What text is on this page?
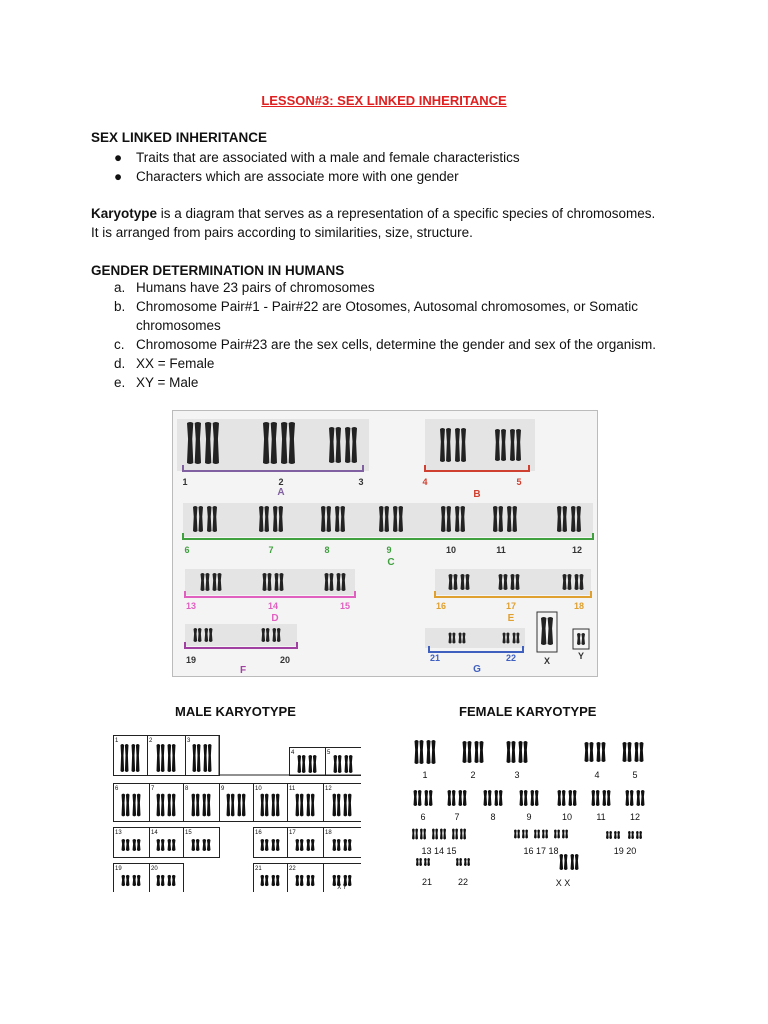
LESSON#3: SEX LINKED INHERITANCE
SEX LINKED INHERITANCE
● Traits that are associated with a male and female characteristics
● Characters which are associate more with one gender
Karyotype is a diagram that serves as a representation of a specific species of chromosomes.
It is arranged from pairs according to similarities, size, structure.
GENDER DETERMINATION IN HUMANS
a. Humans have 23 pairs of chromosomes
b. Chromosome Pair#1 - Pair#22 are Otosomes, Autosomal chromosomes, or Somatic
chromosomes
c. Chromosome Pair#23 are the sex cells, determine the gender and sex of the organism.
d. XX = Female
e. XY = Male
1	2	3	4	5
6	7	8	9	10	11	12
13	14	15	16	17	18
19	20	21	22	X	Y
A	B
C
D	E
F	G
MALE KARYOTYPE	FEMALE KARYOTYPE
1	2	3
4	5
6	7	8	9	10	11	12
13	14	15	16	17	18
19	20	21	22
X Y
1	2	3	4	5
6	7	8	9	10	11	12
13 14 15	16 17 18	19 20
21	22	X X
